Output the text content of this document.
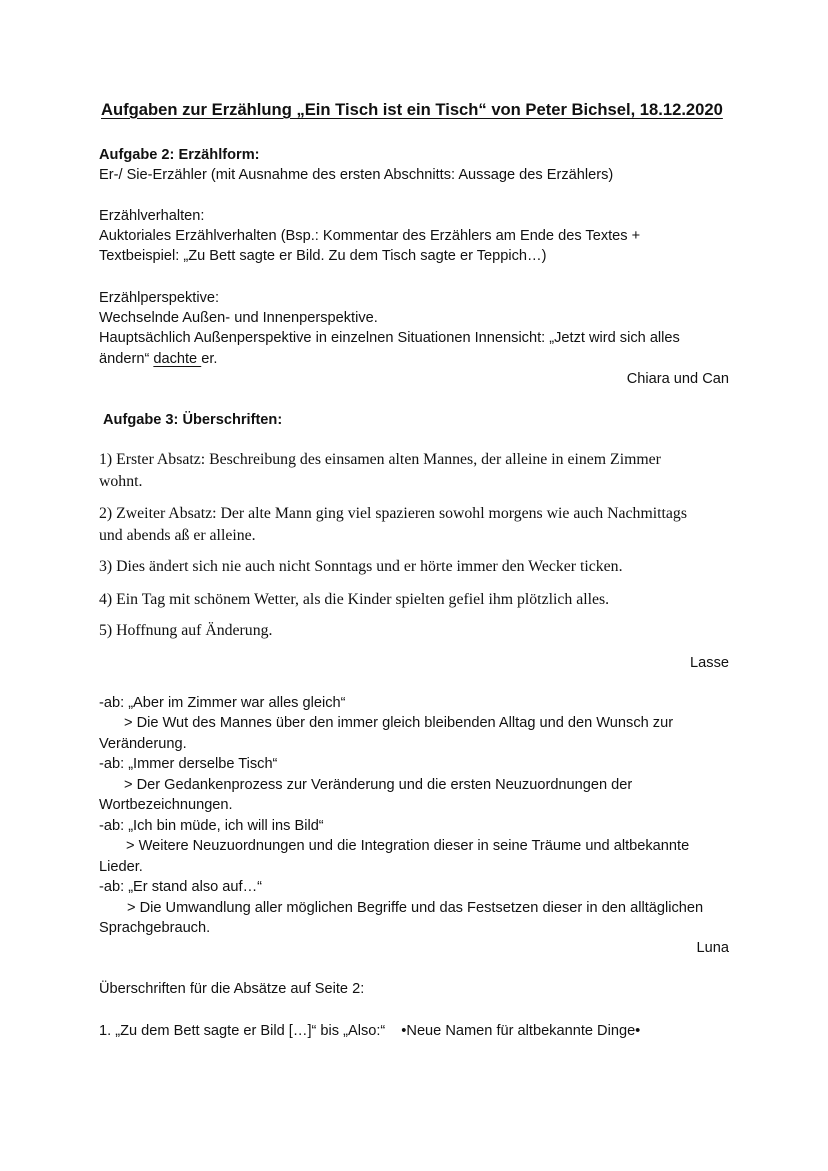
Aufgaben zur Erzählung „Ein Tisch ist ein Tisch“ von Peter Bichsel, 18.12.2020
Aufgabe 2: Erzählform:
Er-/ Sie-Erzähler (mit Ausnahme des ersten Abschnitts: Aussage des Erzählers)
Erzählverhalten:
Auktoriales Erzählverhalten (Bsp.: Kommentar des Erzählers am Ende des Textes +
Textbeispiel: „Zu Bett sagte er Bild. Zu dem Tisch sagte er Teppich…)
Erzählperspektive:
Wechselnde Außen- und Innenperspektive.
Hauptsächlich Außenperspektive in einzelnen Situationen Innensicht: „Jetzt wird sich alles
ändern“ dachte er.
Chiara und Can
Aufgabe 3: Überschriften:
1) Erster Absatz: Beschreibung des einsamen alten Mannes, der alleine in einem Zimmer
wohnt.
2) Zweiter Absatz: Der alte Mann ging viel spazieren sowohl morgens wie auch Nachmittags
und abends aß er alleine.
3) Dies ändert sich nie auch nicht Sonntags und er hörte immer den Wecker ticken.
4) Ein Tag mit schönem Wetter, als die Kinder spielten gefiel ihm plötzlich alles.
5) Hoffnung auf Änderung.
Lasse
-ab: „Aber im Zimmer war alles gleich“
> Die Wut des Mannes über den immer gleich bleibenden Alltag und den Wunsch zur
Veränderung.
-ab: „Immer derselbe Tisch“
> Der Gedankenprozess zur Veränderung und die ersten Neuzuordnungen der
Wortbezeichnungen.
-ab: „Ich bin müde, ich will ins Bild“
> Weitere Neuzuordnungen und die Integration dieser in seine Träume und altbekannte
Lieder.
-ab: „Er stand also auf…“
> Die Umwandlung aller möglichen Begriffe und das Festsetzen dieser in den alltäglichen
Sprachgebrauch.
Luna
Überschriften für die Absätze auf Seite 2:
1. „Zu dem Bett sagte er Bild […]“ bis „Also:“ •Neue Namen für altbekannte Dinge•
